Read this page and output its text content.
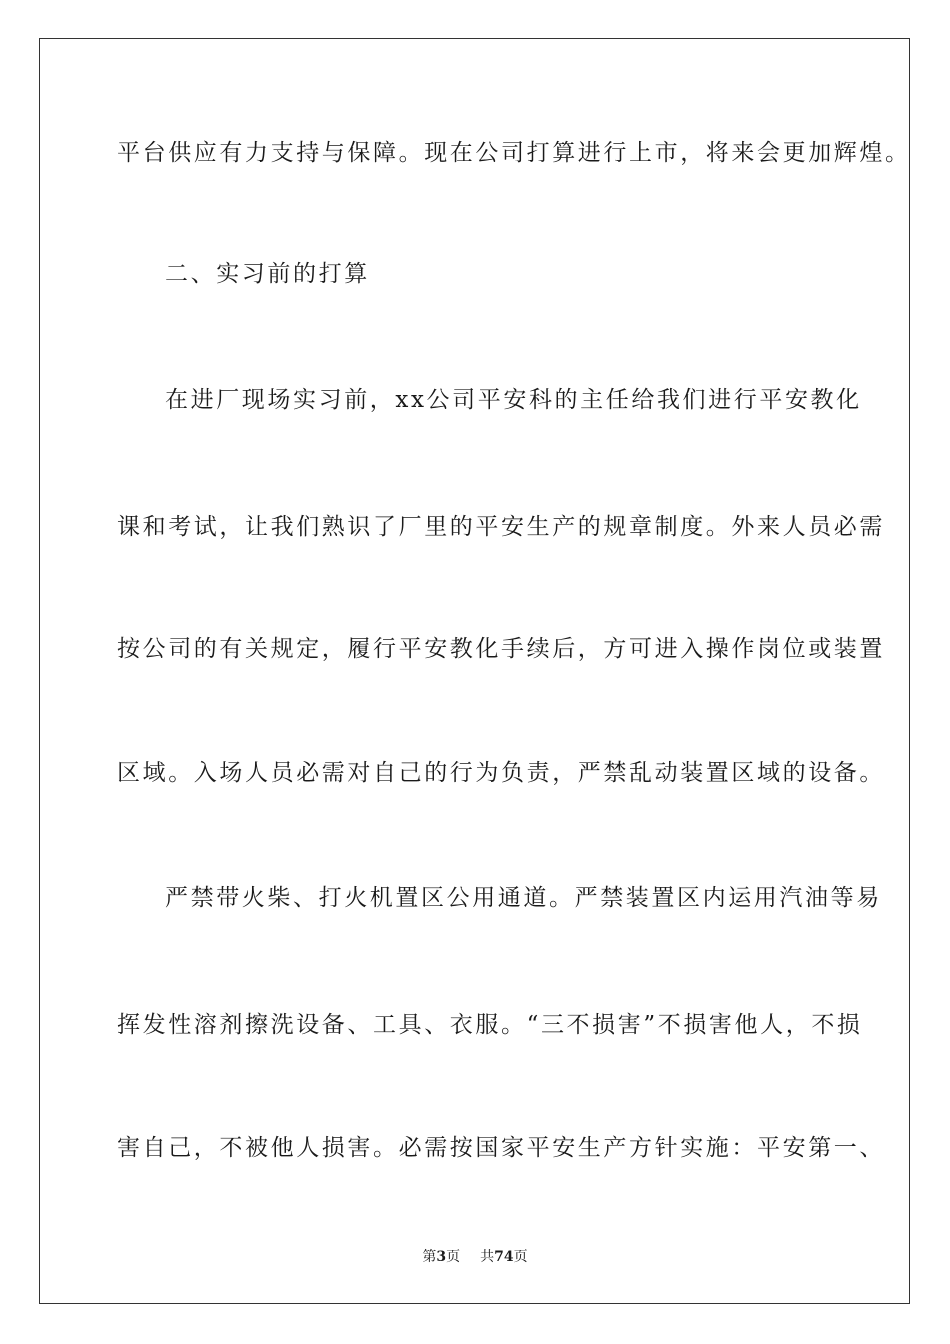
平台供应有力支持与保障。现在公司打算进行上市，将来会更加辉煌。
二、实习前的打算
在进厂现场实习前，xx公司平安科的主任给我们进行平安教化
课和考试，让我们熟识了厂里的平安生产的规章制度。外来人员必需
按公司的有关规定，履行平安教化手续后，方可进入操作岗位或装置
区域。入场人员必需对自己的行为负责，严禁乱动装置区域的设备。
严禁带火柴、打火机置区公用通道。严禁装置区内运用汽油等易
挥发性溶剂擦洗设备、工具、衣服。“三不损害”不损害他人，不损
害自己，不被他人损害。必需按国家平安生产方针实施：平安第一、
第3页 共74页
